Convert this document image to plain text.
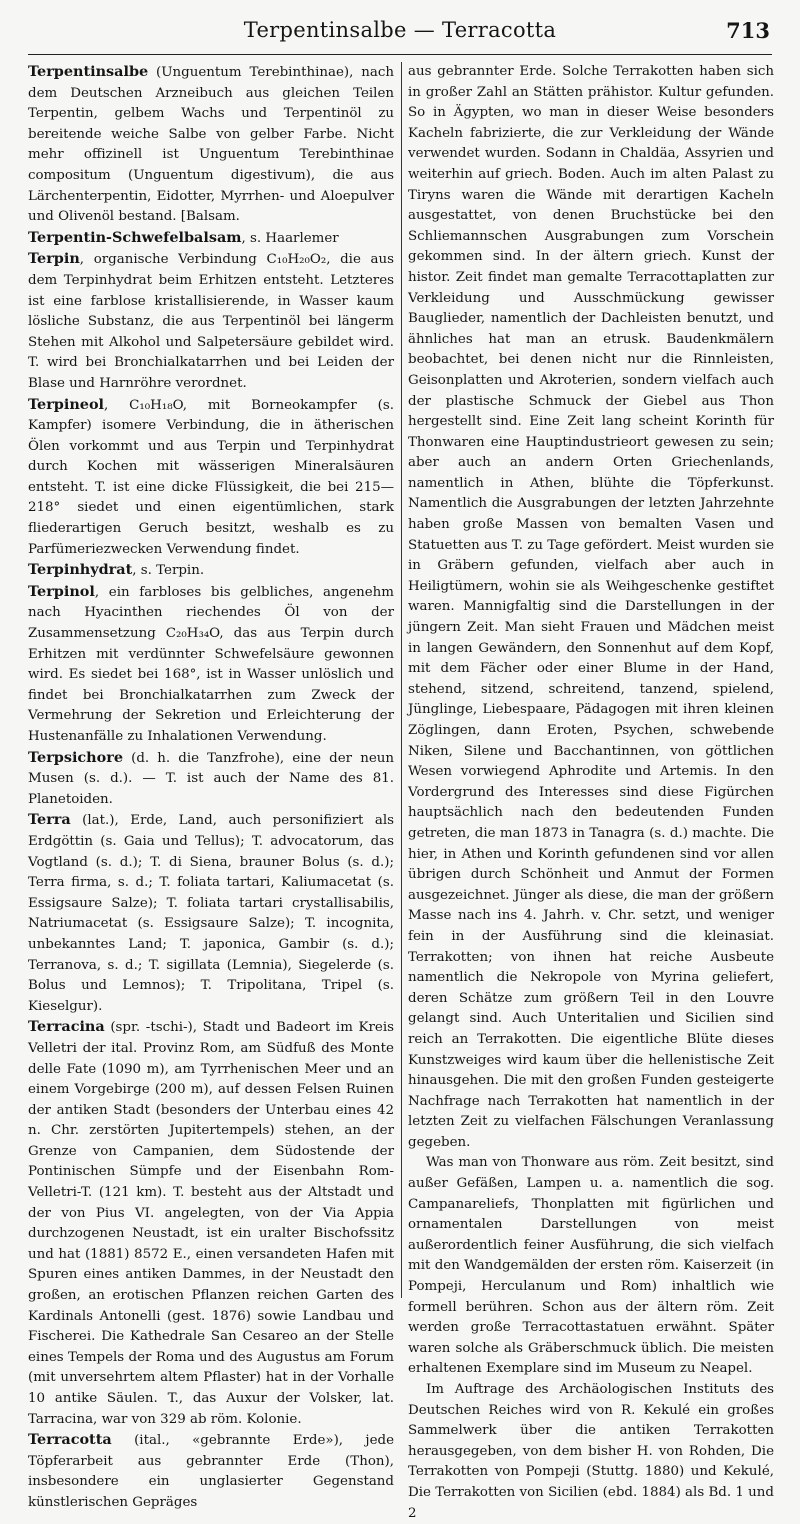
Terpentinsalbe — Terracotta	713

Terpentinsalbe (Unguentum Terebinthinae), nach dem Deutschen Arzneibuch aus gleichen Teilen Terpentin, gelbem Wachs und Terpentinöl zu bereitende weiche Salbe von gelber Farbe. Nicht mehr offizinell ist Unguentum Terebinthinae compositum (Unguentum digestivum), die aus Lärchenterpentin, Eidotter, Myrrhen- und Aloepulver und Olivenöl bestand. [Balsam.

Terpentin-Schwefelbalsam, s. Haarlemer

Terpin, organische Verbindung C₁₀H₂₀O₂, die aus dem Terpinhydrat beim Erhitzen entsteht. Letzteres ist eine farblose kristallisierende, in Wasser kaum lösliche Substanz, die aus Terpentinöl bei längerm Stehen mit Alkohol und Salpetersäure gebildet wird. T. wird bei Bronchialkatarrhen und bei Leiden der Blase und Harnröhre verordnet.

Terpineol, C₁₀H₁₈O, mit Borneokampfer (s. Kampfer) isomere Verbindung, die in ätherischen Ölen vorkommt und aus Terpin und Terpinhydrat durch Kochen mit wässerigen Mineralsäuren entsteht. T. ist eine dicke Flüssigkeit, die bei 215—218° siedet und einen eigentümlichen, stark fliederartigen Geruch besitzt, weshalb es zu Parfümeriezwecken Verwendung findet.

Terpinhydrat, s. Terpin.

Terpinol, ein farbloses bis gelbliches, angenehm nach Hyacinthen riechendes Öl von der Zusammensetzung C₂₀H₃₄O, das aus Terpin durch Erhitzen mit verdünnter Schwefelsäure gewonnen wird. Es siedet bei 168°, ist in Wasser unlöslich und findet bei Bronchialkatarrhen zum Zweck der Vermehrung der Sekretion und Erleichterung der Hustenanfälle zu Inhalationen Verwendung.

Terpsichore (d. h. die Tanzfrohe), eine der neun Musen (s. d.). — T. ist auch der Name des 81. Planetoiden.

Terra (lat.), Erde, Land, auch personifiziert als Erdgöttin (s. Gaia und Tellus); T. advocatorum, das Vogtland (s. d.); T. di Siena, brauner Bolus (s. d.); Terra firma, s. d.; T. foliata tartari, Kaliumacetat (s. Essigsaure Salze); T. foliata tartari crystallisabilis, Natriumacetat (s. Essigsaure Salze); T. incognita, unbekanntes Land; T. japonica, Gambir (s. d.); Terranova, s. d.; T. sigillata (Lemnia), Siegelerde (s. Bolus und Lemnos); T. Tripolitana, Tripel (s. Kieselgur).

Terracina (spr. -tschi-), Stadt und Badeort im Kreis Velletri der ital. Provinz Rom, am Südfuß des Monte delle Fate (1090 m), am Tyrrhenischen Meer und an einem Vorgebirge (200 m), auf dessen Felsen Ruinen der antiken Stadt (besonders der Unterbau eines 42 n. Chr. zerstörten Jupitertempels) stehen, an der Grenze von Campanien, dem Südostende der Pontinischen Sümpfe und der Eisenbahn Rom-Velletri-T. (121 km). T. besteht aus der Altstadt und der von Pius VI. angelegten, von der Via Appia durchzogenen Neustadt, ist ein uralter Bischofssitz und hat (1881) 8572 E., einen versandeten Hafen mit Spuren eines antiken Dammes, in der Neustadt den großen, an erotischen Pflanzen reichen Garten des Kardinals Antonelli (gest. 1876) sowie Landbau und Fischerei. Die Kathedrale San Cesareo an der Stelle eines Tempels der Roma und des Augustus am Forum (mit unversehrtem altem Pflaster) hat in der Vorhalle 10 antike Säulen. T., das Auxur der Volsker, lat. Tarracina, war von 329 ab röm. Kolonie.

Terracotta (ital., «gebrannte Erde»), jede Töpferarbeit aus gebrannter Erde (Thon), insbesondere ein unglasierter Gegenstand künstlerischen Gepräges

aus gebrannter Erde. Solche Terrakotten haben sich in großer Zahl an Stätten prähistor. Kultur gefunden. So in Ägypten, wo man in dieser Weise besonders Kacheln fabrizierte, die zur Verkleidung der Wände verwendet wurden. Sodann in Chaldäa, Assyrien und weiterhin auf griech. Boden. Auch im alten Palast zu Tiryns waren die Wände mit derartigen Kacheln ausgestattet, von denen Bruchstücke bei den Schliemannschen Ausgrabungen zum Vorschein gekommen sind. In der ältern griech. Kunst der histor. Zeit findet man gemalte Terracottaplatten zur Verkleidung und Ausschmückung gewisser Bauglieder, namentlich der Dachleisten benutzt, und ähnliches hat man an etrusk. Baudenkmälern beobachtet, bei denen nicht nur die Rinnleisten, Geisonplatten und Akroterien, sondern vielfach auch der plastische Schmuck der Giebel aus Thon hergestellt sind. Eine Zeit lang scheint Korinth für Thonwaren eine Hauptindustrieort gewesen zu sein; aber auch an andern Orten Griechenlands, namentlich in Athen, blühte die Töpferkunst. Namentlich die Ausgrabungen der letzten Jahrzehnte haben große Massen von bemalten Vasen und Statuetten aus T. zu Tage gefördert. Meist wurden sie in Gräbern gefunden, vielfach aber auch in Heiligtümern, wohin sie als Weihgeschenke gestiftet waren. Mannigfaltig sind die Darstellungen in der jüngern Zeit. Man sieht Frauen und Mädchen meist in langen Gewändern, den Sonnenhut auf dem Kopf, mit dem Fächer oder einer Blume in der Hand, stehend, sitzend, schreitend, tanzend, spielend, Jünglinge, Liebespaare, Pädagogen mit ihren kleinen Zöglingen, dann Eroten, Psychen, schwebende Niken, Silene und Bacchantinnen, von göttlichen Wesen vorwiegend Aphrodite und Artemis. In den Vordergrund des Interesses sind diese Figürchen hauptsächlich nach den bedeutenden Funden getreten, die man 1873 in Tanagra (s. d.) machte. Die hier, in Athen und Korinth gefundenen sind vor allen übrigen durch Schönheit und Anmut der Formen ausgezeichnet. Jünger als diese, die man der größern Masse nach ins 4. Jahrh. v. Chr. setzt, und weniger fein in der Ausführung sind die kleinasiat. Terrakotten; von ihnen hat reiche Ausbeute namentlich die Nekropole von Myrina geliefert, deren Schätze zum größern Teil in den Louvre gelangt sind. Auch Unteritalien und Sicilien sind reich an Terrakotten. Die eigentliche Blüte dieses Kunstzweiges wird kaum über die hellenistische Zeit hinausgehen. Die mit den großen Funden gesteigerte Nachfrage nach Terrakotten hat namentlich in der letzten Zeit zu vielfachen Fälschungen Veranlassung gegeben.

Was man von Thonware aus röm. Zeit besitzt, sind außer Gefäßen, Lampen u. a. namentlich die sog. Campanareliefs, Thonplatten mit figürlichen und ornamentalen Darstellungen von meist außerordentlich feiner Ausführung, die sich vielfach mit den Wandgemälden der ersten röm. Kaiserzeit (in Pompeji, Herculanum und Rom) inhaltlich wie formell berühren. Schon aus der ältern röm. Zeit werden große Terracottastatuen erwähnt. Später waren solche als Gräberschmuck üblich. Die meisten erhaltenen Exemplare sind im Museum zu Neapel.

Im Auftrage des Archäologischen Instituts des Deutschen Reiches wird von R. Kekulé ein großes Sammelwerk über die antiken Terrakotten herausgegeben, von dem bisher H. von Rohden, Die Terrakotten von Pompeji (Stuttg. 1880) und Kekulé, Die Terrakotten von Sicilien (ebd. 1884) als Bd. 1 und 2
